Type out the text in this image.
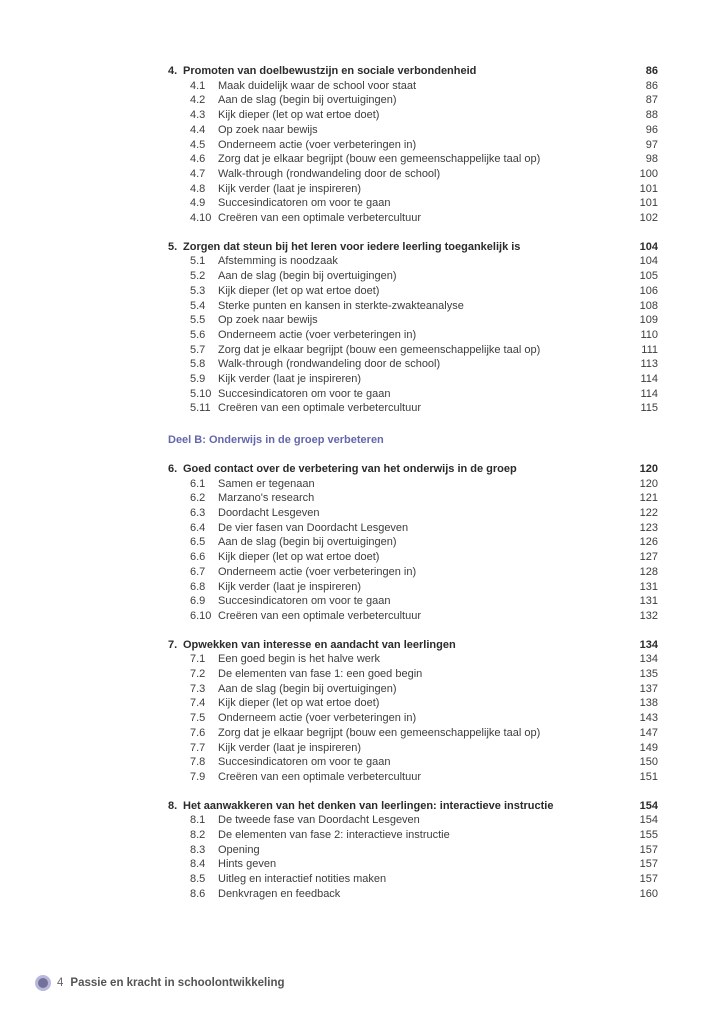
4. Promoten van doelbewustzijn en sociale verbondenheid	86
4.1	Maak duidelijk waar de school voor staat	86
4.2	Aan de slag (begin bij overtuigingen)	87
4.3	Kijk dieper (let op wat ertoe doet)	88
4.4	Op zoek naar bewijs	96
4.5	Onderneem actie (voer verbeteringen in)	97
4.6	Zorg dat je elkaar begrijpt (bouw een gemeenschappelijke taal op)	98
4.7	Walk-through (rondwandeling door de school)	100
4.8	Kijk verder (laat je inspireren)	101
4.9	Succesindicatoren om voor te gaan	101
4.10 Creëren van een optimale verbetercultuur	102
5. Zorgen dat steun bij het leren voor iedere leerling toegankelijk is	104
5.1	Afstemming is noodzaak	104
5.2	Aan de slag (begin bij overtuigingen)	105
5.3	Kijk dieper (let op wat ertoe doet)	106
5.4	Sterke punten en kansen in sterkte-zwakteanalyse	108
5.5	Op zoek naar bewijs	109
5.6	Onderneem actie (voer verbeteringen in)	110
5.7	Zorg dat je elkaar begrijpt (bouw een gemeenschappelijke taal op)	111
5.8	Walk-through (rondwandeling door de school)	113
5.9	Kijk verder (laat je inspireren)	114
5.10 Succesindicatoren om voor te gaan	114
5.11 Creëren van een optimale verbetercultuur	115
Deel B: Onderwijs in de groep verbeteren
6. Goed contact over de verbetering van het onderwijs in de groep	120
6.1	Samen er tegenaan	120
6.2	Marzano's research	121
6.3	Doordacht Lesgeven	122
6.4	De vier fasen van Doordacht Lesgeven	123
6.5	Aan de slag (begin bij overtuigingen)	126
6.6	Kijk dieper (let op wat ertoe doet)	127
6.7	Onderneem actie (voer verbeteringen in)	128
6.8	Kijk verder (laat je inspireren)	131
6.9	Succesindicatoren om voor te gaan	131
6.10 Creëren van een optimale verbetercultuur	132
7. Opwekken van interesse en aandacht van leerlingen	134
7.1	Een goed begin is het halve werk	134
7.2	De elementen van fase 1: een goed begin	135
7.3	Aan de slag (begin bij overtuigingen)	137
7.4	Kijk dieper (let op wat ertoe doet)	138
7.5	Onderneem actie (voer verbeteringen in)	143
7.6	Zorg dat je elkaar begrijpt (bouw een gemeenschappelijke taal op)	147
7.7	Kijk verder (laat je inspireren)	149
7.8	Succesindicatoren om voor te gaan	150
7.9	Creëren van een optimale verbetercultuur	151
8. Het aanwakkeren van het denken van leerlingen: interactieve instructie	154
8.1	De tweede fase van Doordacht Lesgeven	154
8.2	De elementen van fase 2: interactieve instructie	155
8.3	Opening	157
8.4	Hints geven	157
8.5	Uitleg en interactief notities maken	157
8.6	Denkvragen en feedback	160
4 Passie en kracht in schoolontwikkeling
